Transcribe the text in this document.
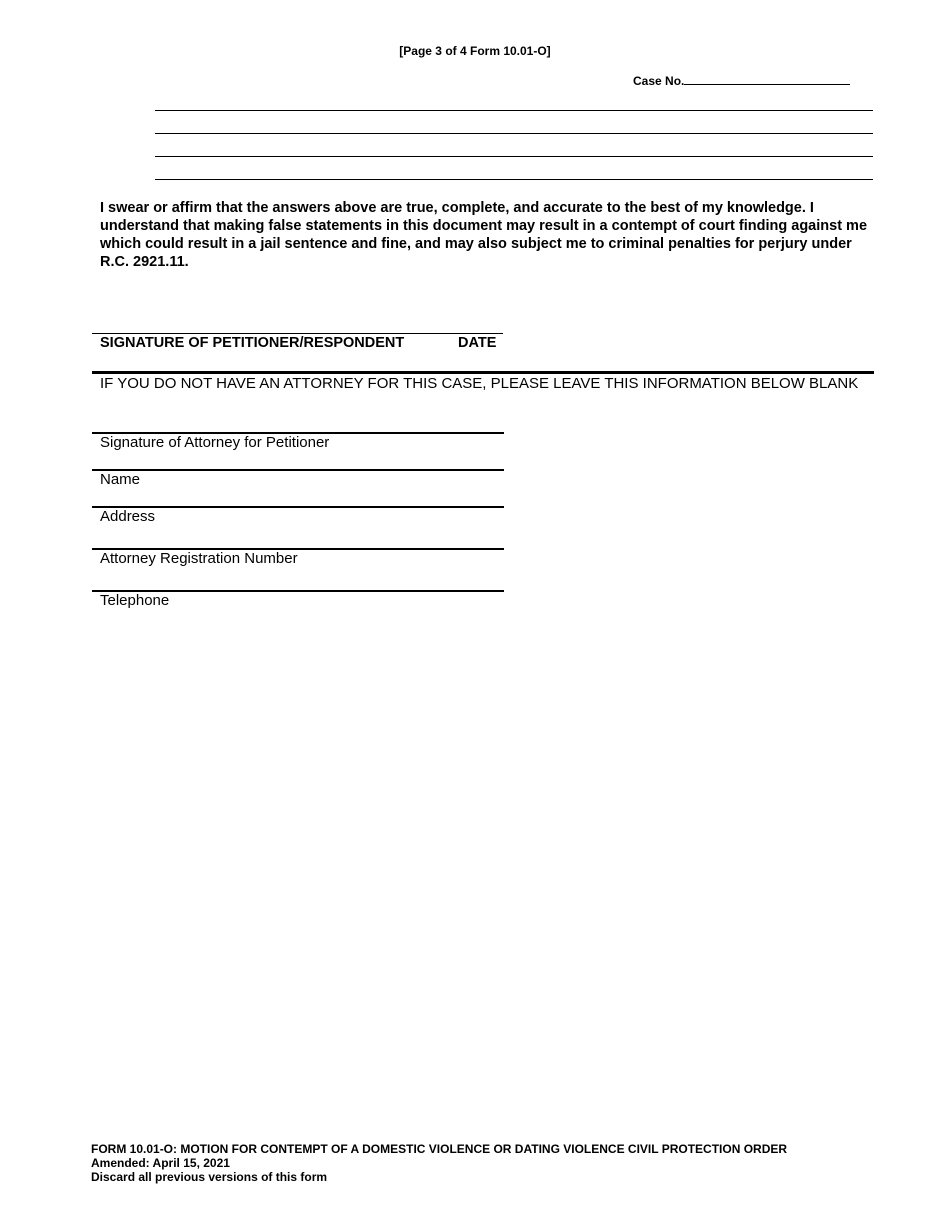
[Page 3 of 4 Form 10.01-O]
Case No.
I swear or affirm that the answers above are true, complete, and accurate to the best of my knowledge. I understand that making false statements in this document may result in a contempt of court finding against me which could result in a jail sentence and fine, and may also subject me to criminal penalties for perjury under R.C. 2921.11.
SIGNATURE OF PETITIONER/RESPONDENT	DATE
IF YOU DO NOT HAVE AN ATTORNEY FOR THIS CASE, PLEASE LEAVE THIS INFORMATION BELOW BLANK
Signature of Attorney for Petitioner
Name
Address
Attorney Registration Number
Telephone
FORM 10.01-O: MOTION FOR CONTEMPT OF A DOMESTIC VIOLENCE OR DATING VIOLENCE CIVIL PROTECTION ORDER
Amended: April 15, 2021
Discard all previous versions of this form
